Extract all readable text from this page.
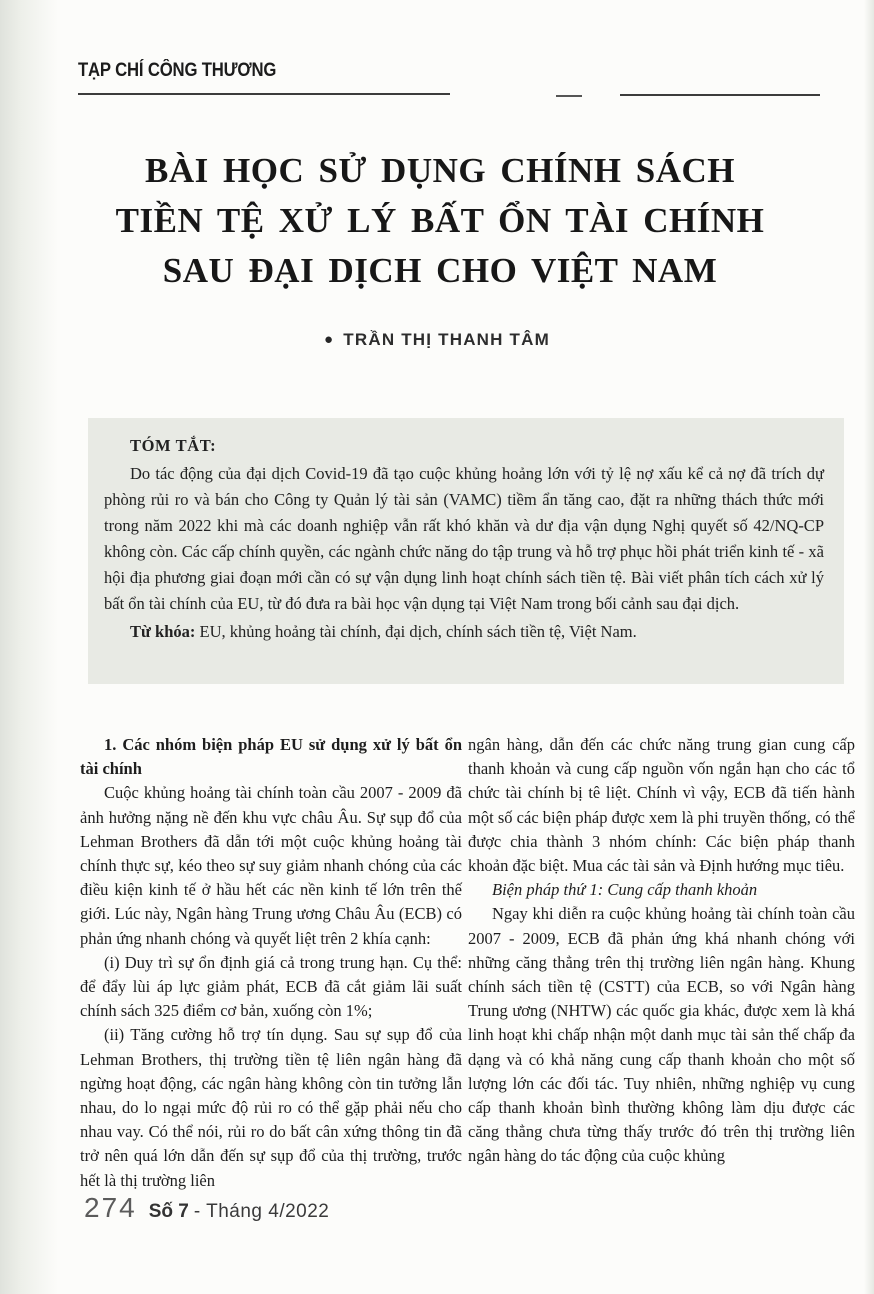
TẠP CHÍ CÔNG THƯƠNG
BÀI HỌC SỬ DỤNG CHÍNH SÁCH
TIỀN TỆ XỬ LÝ BẤT ỔN TÀI CHÍNH
SAU ĐẠI DỊCH CHO VIỆT NAM
● TRẦN THỊ THANH TÂM
TÓM TẮT:

Do tác động của đại dịch Covid-19 đã tạo cuộc khủng hoảng lớn với tỷ lệ nợ xấu kể cả nợ đã trích dự phòng rủi ro và bán cho Công ty Quản lý tài sản (VAMC) tiềm ẩn tăng cao, đặt ra những thách thức mới trong năm 2022 khi mà các doanh nghiệp vẫn rất khó khăn và dư địa vận dụng Nghị quyết số 42/NQ-CP không còn. Các cấp chính quyền, các ngành chức năng do tập trung và hỗ trợ phục hồi phát triển kinh tế - xã hội địa phương giai đoạn mới cần có sự vận dụng linh hoạt chính sách tiền tệ. Bài viết phân tích cách xử lý bất ổn tài chính của EU, từ đó đưa ra bài học vận dụng tại Việt Nam trong bối cảnh sau đại dịch.

Từ khóa: EU, khủng hoảng tài chính, đại dịch, chính sách tiền tệ, Việt Nam.

1. Các nhóm biện pháp EU sử dụng xử lý bất ổn tài chính

Cuộc khủng hoảng tài chính toàn cầu 2007 - 2009 đã ảnh hưởng nặng nề đến khu vực châu Âu. Sự sụp đổ của Lehman Brothers đã dẫn tới một cuộc khủng hoảng tài chính thực sự, kéo theo sự suy giảm nhanh chóng của các điều kiện kinh tế ở hầu hết các nền kinh tế lớn trên thế giới. Lúc này, Ngân hàng Trung ương Châu Âu (ECB) có phản ứng nhanh chóng và quyết liệt trên 2 khía cạnh:

(i) Duy trì sự ổn định giá cả trong trung hạn. Cụ thể: để đẩy lùi áp lực giảm phát, ECB đã cắt giảm lãi suất chính sách 325 điểm cơ bản, xuống còn 1%;

(ii) Tăng cường hỗ trợ tín dụng. Sau sự sụp đổ của Lehman Brothers, thị trường tiền tệ liên ngân hàng đã ngừng hoạt động, các ngân hàng không còn tin tưởng lẫn nhau, do lo ngại mức độ rủi ro có thể gặp phải nếu cho nhau vay. Có thể nói, rủi ro do bất cân xứng thông tin đã trở nên quá lớn dẫn đến sự sụp đổ của thị trường, trước hết là thị trường liên

ngân hàng, dẫn đến các chức năng trung gian cung cấp thanh khoản và cung cấp nguồn vốn ngắn hạn cho các tổ chức tài chính bị tê liệt. Chính vì vậy, ECB đã tiến hành một số các biện pháp được xem là phi truyền thống, có thể được chia thành 3 nhóm chính: Các biện pháp thanh khoản đặc biệt. Mua các tài sản và Định hướng mục tiêu.

Biện pháp thứ 1: Cung cấp thanh khoản

Ngay khi diễn ra cuộc khủng hoảng tài chính toàn cầu 2007 - 2009, ECB đã phản ứng khá nhanh chóng với những căng thẳng trên thị trường liên ngân hàng. Khung chính sách tiền tệ (CSTT) của ECB, so với Ngân hàng Trung ương (NHTW) các quốc gia khác, được xem là khá linh hoạt khi chấp nhận một danh mục tài sản thế chấp đa dạng và có khả năng cung cấp thanh khoản cho một số lượng lớn các đối tác. Tuy nhiên, những nghiệp vụ cung cấp thanh khoản bình thường không làm dịu được các căng thẳng chưa từng thấy trước đó trên thị trường liên ngân hàng do tác động của cuộc khủng

274 Số 7 - Tháng 4/2022
